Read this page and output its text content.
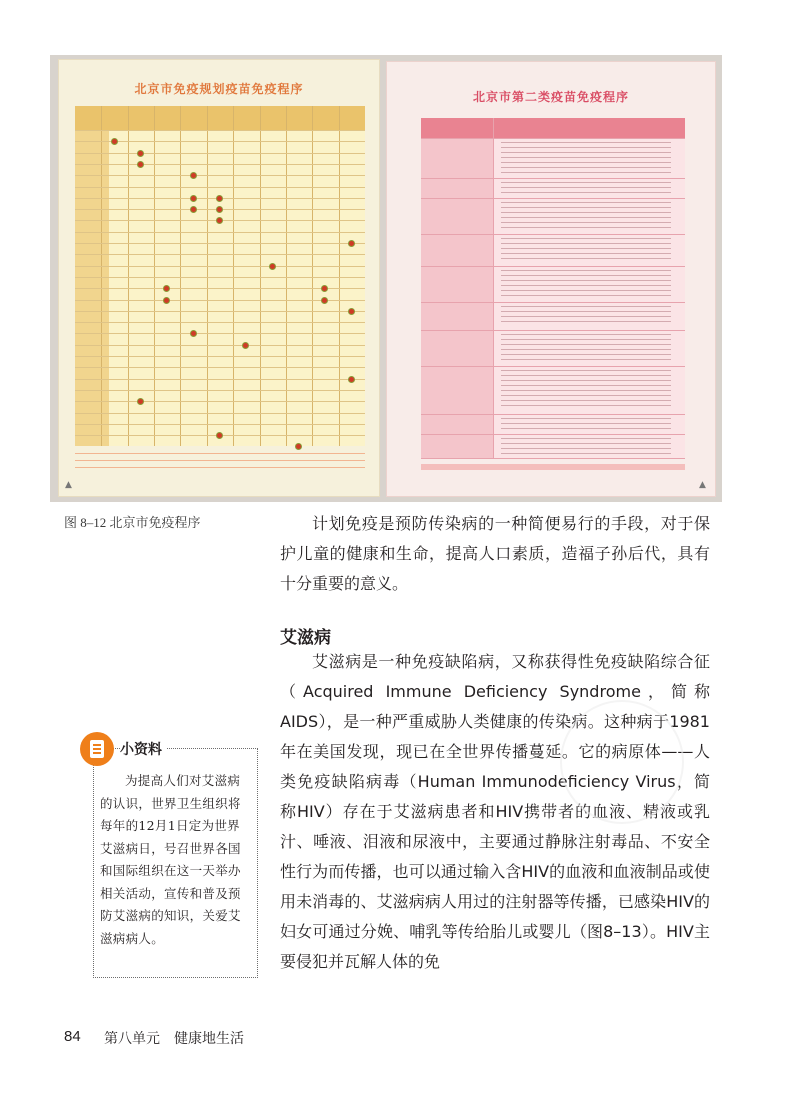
北京市免疫规划疫苗免疫程序
▲
北京市第二类疫苗免疫程序
▲
图 8–12 北京市免疫程序	计划免疫是预防传染病的一种简便易行的手段，对于保护儿童的健康和生命，提高人口素质，造福子孙后代，具有十分重要的意义。

艾滋病

艾滋病是一种免疫缺陷病，又称获得性免疫缺陷综合征（Acquired Immune Deficiency Syndrome，简称AIDS），是一种严重威胁人类健康的传染病。这种病于1981年在美国发现，现已在全世界传播蔓延。它的病原体——人类免疫缺陷病毒（Human Immunodeficiency Virus，简称HIV）存在于艾滋病患者和HIV携带者的血液、精液或乳汁、唾液、泪液和尿液中，主要通过静脉注射毒品、不安全性行为而传播，也可以通过输入含HIV的血液和血液制品或使用未消毒的、艾滋病病人用过的注射器等传播，已感染HIV的妇女可通过分娩、哺乳等传给胎儿或婴儿（图8–13）。HIV主要侵犯并瓦解人体的免

小资料

为提高人们对艾滋病的认识，世界卫生组织将每年的12月1日定为世界艾滋病日，号召世界各国和国际组织在这一天举办相关活动，宣传和普及预防艾滋病的知识，关爱艾滋病病人。

84 第八单元　健康地生活
